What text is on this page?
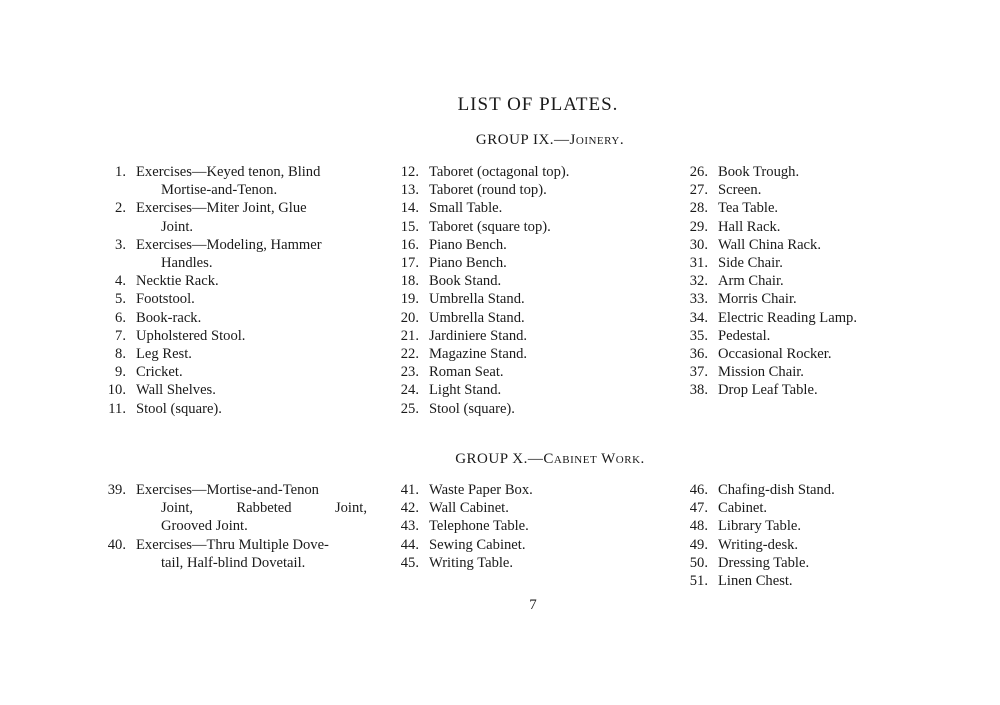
LIST OF PLATES.
GROUP IX.—Joinery.
1. Exercises—Keyed tenon, Blind
Mortise-and-Tenon.
2. Exercises—Miter Joint, Glue
Joint.
3. Exercises—Modeling, Hammer
Handles.
4. Necktie Rack.
5. Footstool.
6. Book-rack.
7. Upholstered Stool.
8. Leg Rest.
9. Cricket.
10. Wall Shelves.
11. Stool (square).
12. Taboret (octagonal top).
13. Taboret (round top).
14. Small Table.
15. Taboret (square top).
16. Piano Bench.
17. Piano Bench.
18. Book Stand.
19. Umbrella Stand.
20. Umbrella Stand.
21. Jardiniere Stand.
22. Magazine Stand.
23. Roman Seat.
24. Light Stand.
25. Stool (square).
26. Book Trough.
27. Screen.
28. Tea Table.
29. Hall Rack.
30. Wall China Rack.
31. Side Chair.
32. Arm Chair.
33. Morris Chair.
34. Electric Reading Lamp.
35. Pedestal.
36. Occasional Rocker.
37. Mission Chair.
38. Drop Leaf Table.
GROUP X.—Cabinet Work.
39. Exercises—Mortise-and-Tenon
Joint, Rabbeted Joint,
Grooved Joint.
40. Exercises—Thru Multiple Dove-
tail, Half-blind Dovetail.
41. Waste Paper Box.
42. Wall Cabinet.
43. Telephone Table.
44. Sewing Cabinet.
45. Writing Table.
46. Chafing-dish Stand.
47. Cabinet.
48. Library Table.
49. Writing-desk.
50. Dressing Table.
51. Linen Chest.
7
